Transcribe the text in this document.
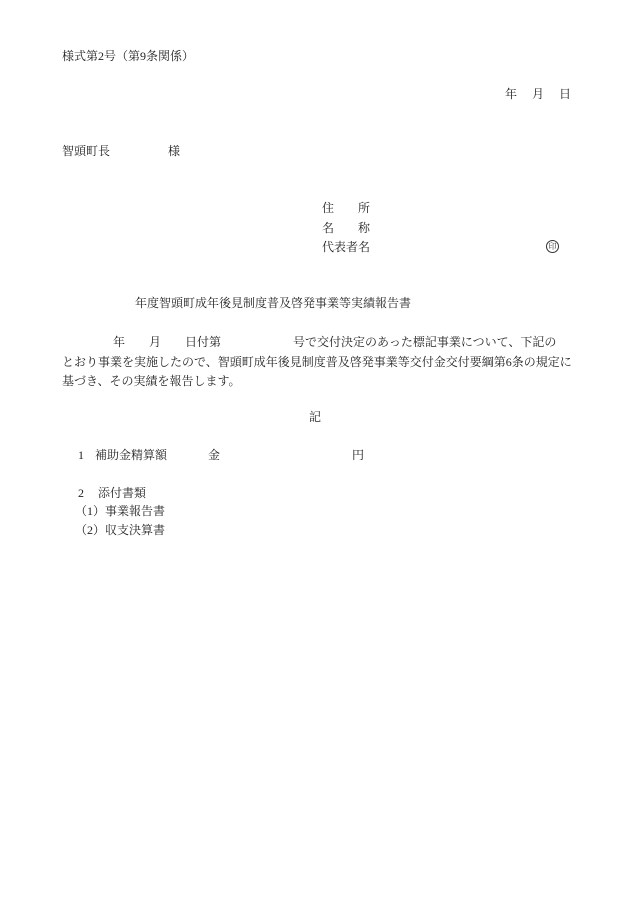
様式第2号（第9条関係）
年 月 日
智頭町長	様
住　　所
名　　称
代表者名	印
年度智頭町成年後見制度普及啓発事業等実績報告書
年　　月　　日付第　　　　　　号で交付決定のあった標記事業について、下記の
とおり事業を実施したので、智頭町成年後見制度普及啓発事業等交付金交付要綱第6条の規定に
基づき、その実績を報告します。
記
1 補助金精算額	金	円
2 添付書類
（1）事業報告書
（2）収支決算書
